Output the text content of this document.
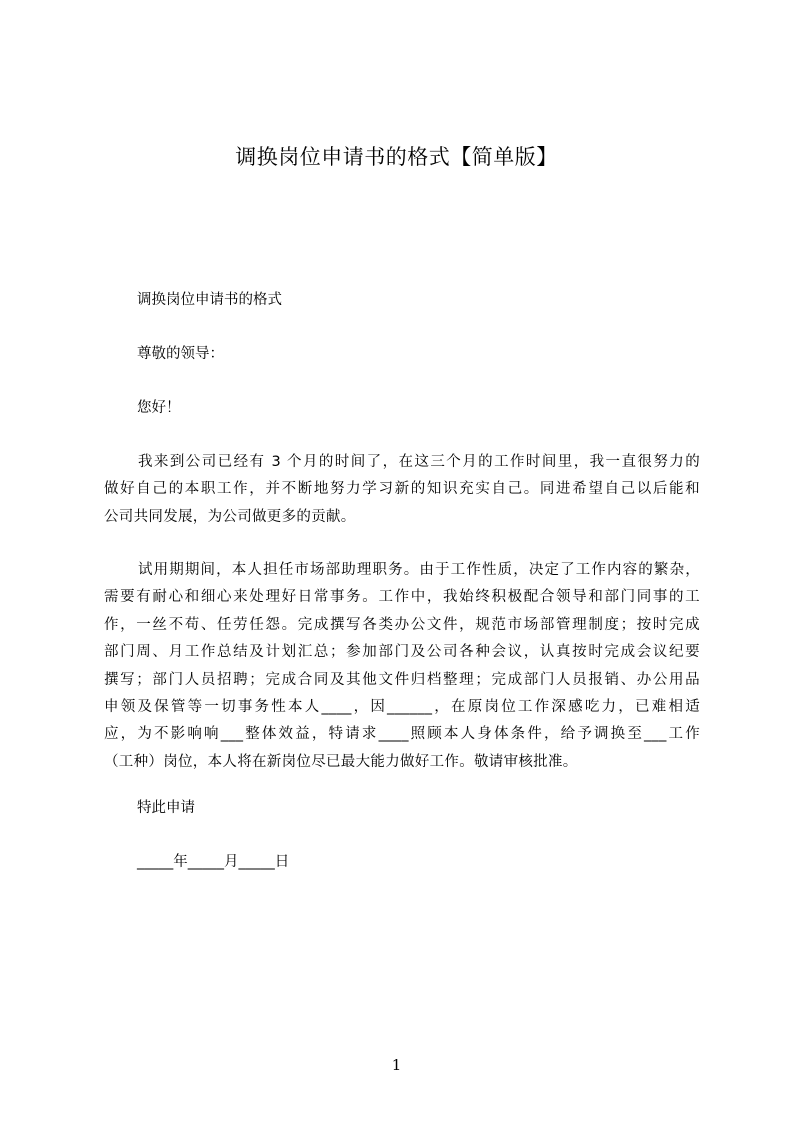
调换岗位申请书的格式【简单版】
调换岗位申请书的格式
尊敬的领导：
您好！
我来到公司已经有 3 个月的时间了，在这三个月的工作时间里，我一直很努力的
做好自己的本职工作，并不断地努力学习新的知识充实自己。同进希望自己以后能和
公司共同发展，为公司做更多的贡献。
试用期期间，本人担任市场部助理职务。由于工作性质，决定了工作内容的繁杂，
需要有耐心和细心来处理好日常事务。工作中，我始终积极配合领导和部门同事的工
作，一丝不苟、任劳任怨。完成撰写各类办公文件，规范市场部管理制度；按时完成
部门周、月工作总结及计划汇总；参加部门及公司各种会议，认真按时完成会议纪要
撰写；部门人员招聘；完成合同及其他文件归档整理；完成部门人员报销、办公用品
申领及保管等一切事务性本人____，因______，在原岗位工作深感吃力，已难相适
应，为不影响响___整体效益，特请求____照顾本人身体条件，给予调换至___工作
（工种）岗位，本人将在新岗位尽已最大能力做好工作。敬请审核批准。
特此申请
_____年_____月_____日
1
